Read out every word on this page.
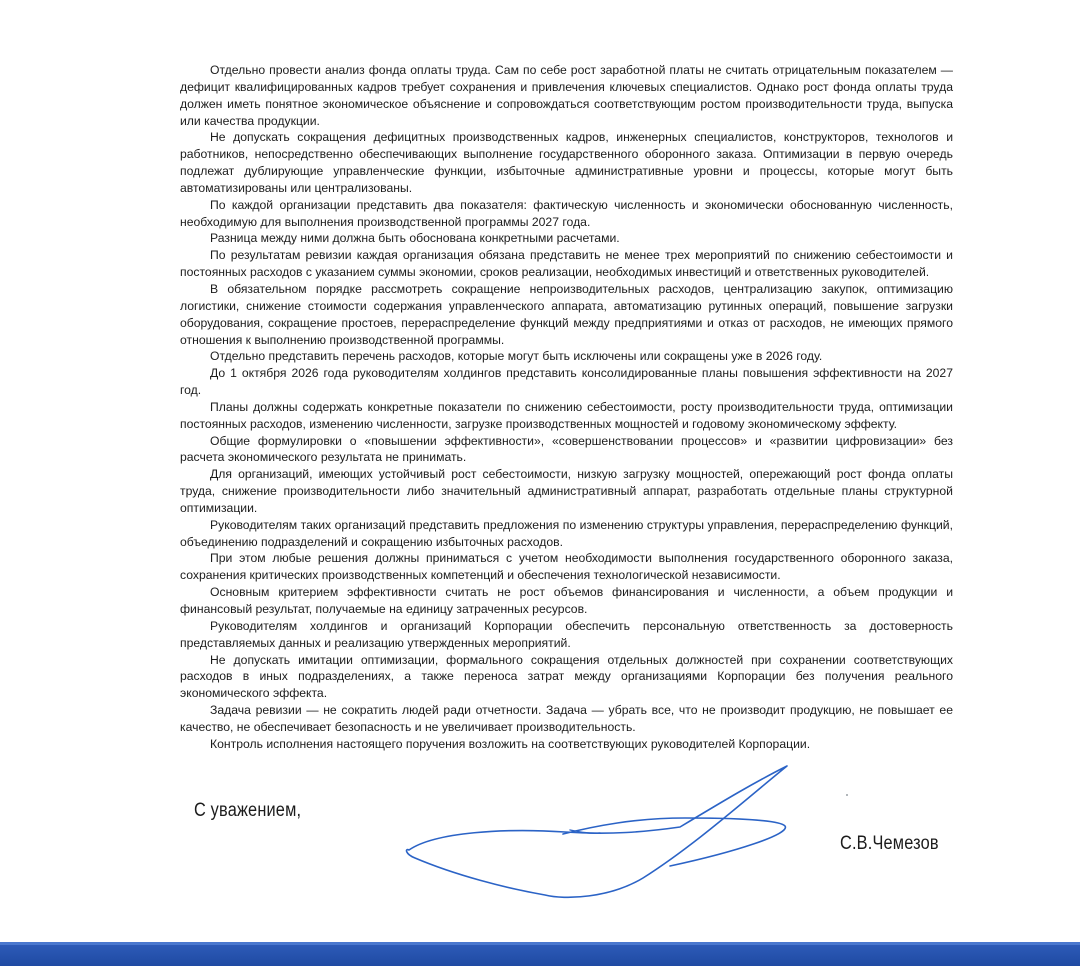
Отдельно провести анализ фонда оплаты труда. Сам по себе рост заработной платы не считать отрицательным показателем — дефицит квалифицированных кадров требует сохранения и привлечения ключевых специалистов. Однако рост фонда оплаты труда должен иметь понятное экономическое объяснение и сопровождаться соответствующим ростом производительности труда, выпуска или качества продукции.

Не допускать сокращения дефицитных производственных кадров, инженерных специалистов, конструкторов, технологов и работников, непосредственно обеспечивающих выполнение государственного оборонного заказа. Оптимизации в первую очередь подлежат дублирующие управленческие функции, избыточные административные уровни и процессы, которые могут быть автоматизированы или централизованы.

По каждой организации представить два показателя: фактическую численность и экономически обоснованную численность, необходимую для выполнения производственной программы 2027 года.

Разница между ними должна быть обоснована конкретными расчетами.

По результатам ревизии каждая организация обязана представить не менее трех мероприятий по снижению себестоимости и постоянных расходов с указанием суммы экономии, сроков реализации, необходимых инвестиций и ответственных руководителей.

В обязательном порядке рассмотреть сокращение непроизводительных расходов, централизацию закупок, оптимизацию логистики, снижение стоимости содержания управленческого аппарата, автоматизацию рутинных операций, повышение загрузки оборудования, сокращение простоев, перераспределение функций между предприятиями и отказ от расходов, не имеющих прямого отношения к выполнению производственной программы.

Отдельно представить перечень расходов, которые могут быть исключены или сокращены уже в 2026 году.

До 1 октября 2026 года руководителям холдингов представить консолидированные планы повышения эффективности на 2027 год.

Планы должны содержать конкретные показатели по снижению себестоимости, росту производительности труда, оптимизации постоянных расходов, изменению численности, загрузке производственных мощностей и годовому экономическому эффекту.

Общие формулировки о «повышении эффективности», «совершенствовании процессов» и «развитии цифровизации» без расчета экономического результата не принимать.

Для организаций, имеющих устойчивый рост себестоимости, низкую загрузку мощностей, опережающий рост фонда оплаты труда, снижение производительности либо значительный административный аппарат, разработать отдельные планы структурной оптимизации.

Руководителям таких организаций представить предложения по изменению структуры управления, перераспределению функций, объединению подразделений и сокращению избыточных расходов.

При этом любые решения должны приниматься с учетом необходимости выполнения государственного оборонного заказа, сохранения критических производственных компетенций и обеспечения технологической независимости.

Основным критерием эффективности считать не рост объемов финансирования и численности, а объем продукции и финансовый результат, получаемые на единицу затраченных ресурсов.

Руководителям холдингов и организаций Корпорации обеспечить персональную ответственность за достоверность представляемых данных и реализацию утвержденных мероприятий.

Не допускать имитации оптимизации, формального сокращения отдельных должностей при сохранении соответствующих расходов в иных подразделениях, а также переноса затрат между организациями Корпорации без получения реального экономического эффекта.

Задача ревизии — не сократить людей ради отчетности. Задача — убрать все, что не производит продукцию, не повышает ее качество, не обеспечивает безопасность и не увеличивает производительность.

Контроль исполнения настоящего поручения возложить на соответствующих руководителей Корпорации.

С уважением,
С.В.Чемезов
